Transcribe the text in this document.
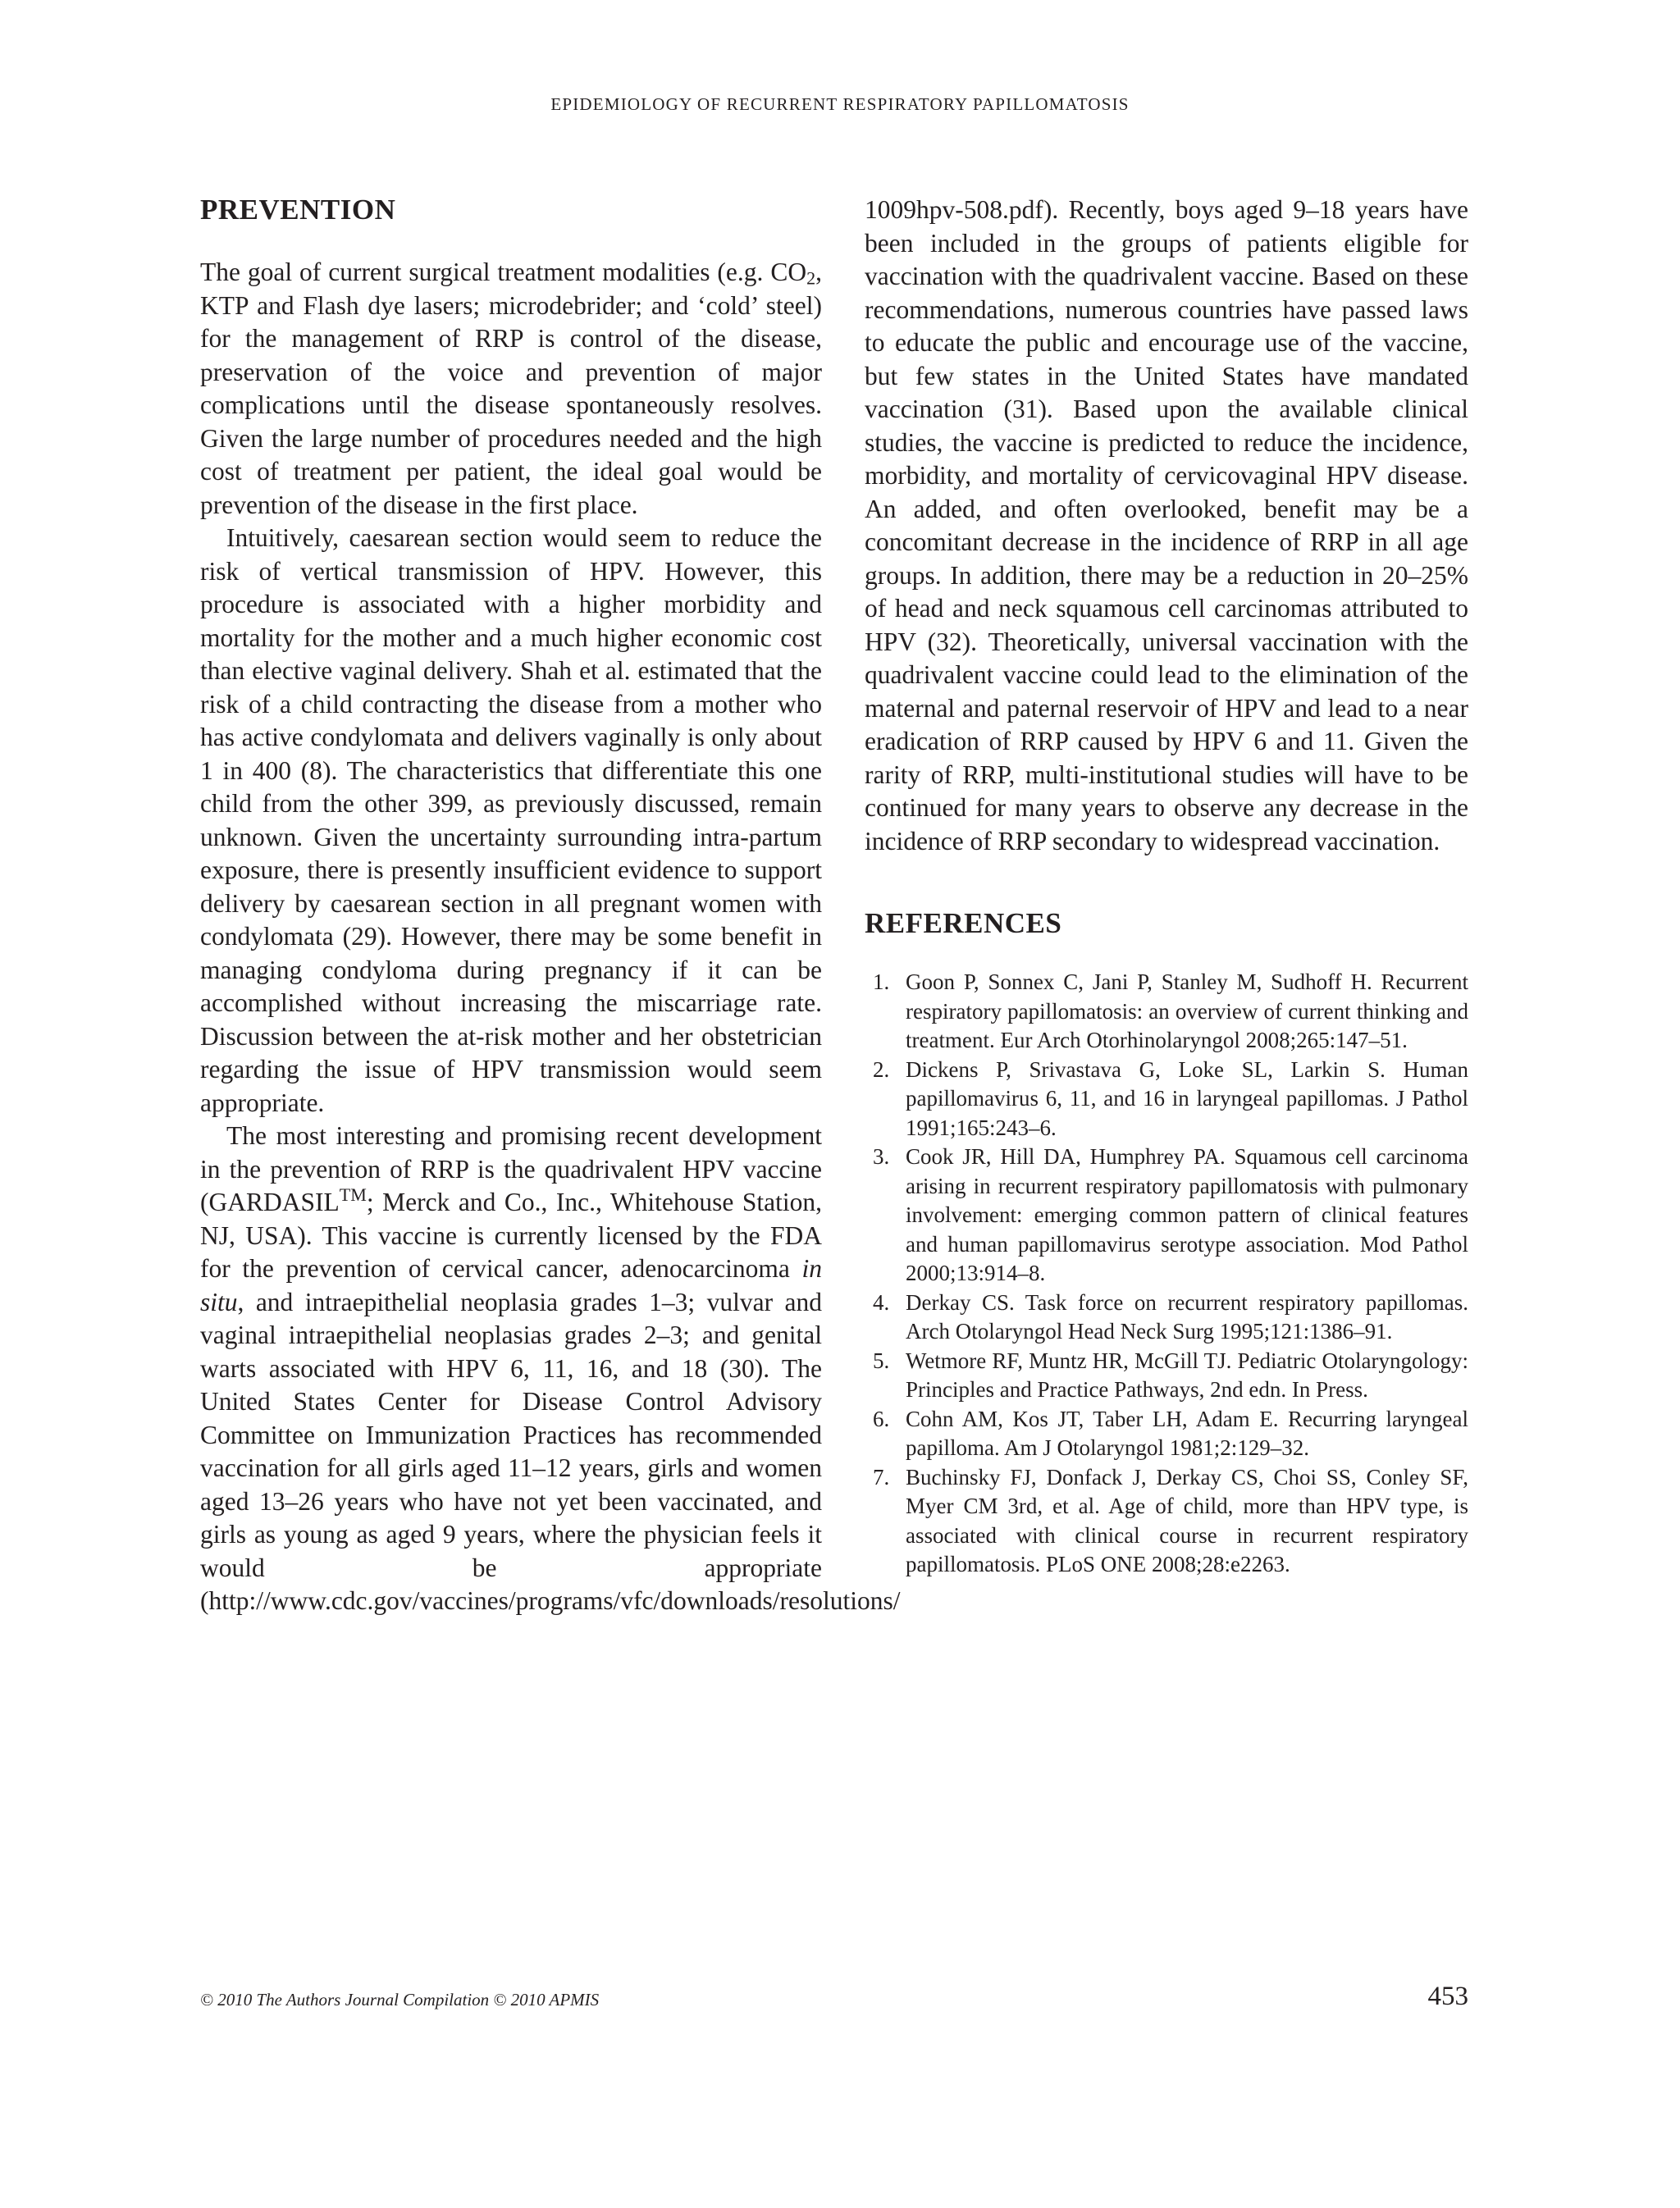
EPIDEMIOLOGY OF RECURRENT RESPIRATORY PAPILLOMATOSIS
PREVENTION

The goal of current surgical treatment modalities (e.g. $CO_2$, KTP and Flash dye lasers; microdebrider; and ‘cold’ steel) for the management of RRP is control of the disease, preservation of the voice and prevention of major complications until the disease spontaneously resolves. Given the large number of procedures needed and the high cost of treatment per patient, the ideal goal would be prevention of the disease in the first place.

Intuitively, caesarean section would seem to reduce the risk of vertical transmission of HPV. However, this procedure is associated with a higher morbidity and mortality for the mother and a much higher economic cost than elective vaginal delivery. Shah et al. estimated that the risk of a child contracting the disease from a mother who has active condylomata and delivers vaginally is only about 1 in 400 (8). The characteristics that differentiate this one child from the other 399, as previously discussed, remain unknown. Given the uncertainty surrounding intra-partum exposure, there is presently insufficient evidence to support delivery by caesarean section in all pregnant women with condylomata (29). However, there may be some benefit in managing condyloma during pregnancy if it can be accomplished without increasing the miscarriage rate. Discussion between the at-risk mother and her obstetrician regarding the issue of HPV transmission would seem appropriate.

The most interesting and promising recent development in the prevention of RRP is the quadrivalent HPV vaccine (GARDASIL™; Merck and Co., Inc., Whitehouse Station, NJ, USA). This vaccine is currently licensed by the FDA for the prevention of cervical cancer, adenocarcinoma in situ, and intraepithelial neoplasia grades 1–3; vulvar and vaginal intraepithelial neoplasias grades 2–3; and genital warts associated with HPV 6, 11, 16, and 18 (30). The United States Center for Disease Control Advisory Committee on Immunization Practices has recommended vaccination for all girls aged 11–12 years, girls and women aged 13–26 years who have not yet been vaccinated, and girls as young as aged 9 years, where the physician feels it would be appropriate (http://www.cdc.gov/vaccines/programs/vfc/downloads/resolutions/

1009hpv-508.pdf). Recently, boys aged 9–18 years have been included in the groups of patients eligible for vaccination with the quadrivalent vaccine. Based on these recommendations, numerous countries have passed laws to educate the public and encourage use of the vaccine, but few states in the United States have mandated vaccination (31). Based upon the available clinical studies, the vaccine is predicted to reduce the incidence, morbidity, and mortality of cervicovaginal HPV disease. An added, and often overlooked, benefit may be a concomitant decrease in the incidence of RRP in all age groups. In addition, there may be a reduction in 20–25% of head and neck squamous cell carcinomas attributed to HPV (32). Theoretically, universal vaccination with the quadrivalent vaccine could lead to the elimination of the maternal and paternal reservoir of HPV and lead to a near eradication of RRP caused by HPV 6 and 11. Given the rarity of RRP, multi-institutional studies will have to be continued for many years to observe any decrease in the incidence of RRP secondary to widespread vaccination.

REFERENCES
1. Goon P, Sonnex C, Jani P, Stanley M, Sudhoff H. Recurrent respiratory papillomatosis: an overview of current thinking and treatment. Eur Arch Otorhinolaryngol 2008;265:147–51.
2. Dickens P, Srivastava G, Loke SL, Larkin S. Human papillomavirus 6, 11, and 16 in laryngeal papillomas. J Pathol 1991;165:243–6.
3. Cook JR, Hill DA, Humphrey PA. Squamous cell carcinoma arising in recurrent respiratory papillomatosis with pulmonary involvement: emerging common pattern of clinical features and human papillomavirus serotype association. Mod Pathol 2000;13:914–8.
4. Derkay CS. Task force on recurrent respiratory papillomas. Arch Otolaryngol Head Neck Surg 1995;121:1386–91.
5. Wetmore RF, Muntz HR, McGill TJ. Pediatric Otolaryngology: Principles and Practice Pathways, 2nd edn. In Press.
6. Cohn AM, Kos JT, Taber LH, Adam E. Recurring laryngeal papilloma. Am J Otolaryngol 1981;2:129–32.
7. Buchinsky FJ, Donfack J, Derkay CS, Choi SS, Conley SF, Myer CM 3rd, et al. Age of child, more than HPV type, is associated with clinical course in recurrent respiratory papillomatosis. PLoS ONE 2008;28:e2263.
© 2010 The Authors Journal Compilation © 2010 APMIS	453
